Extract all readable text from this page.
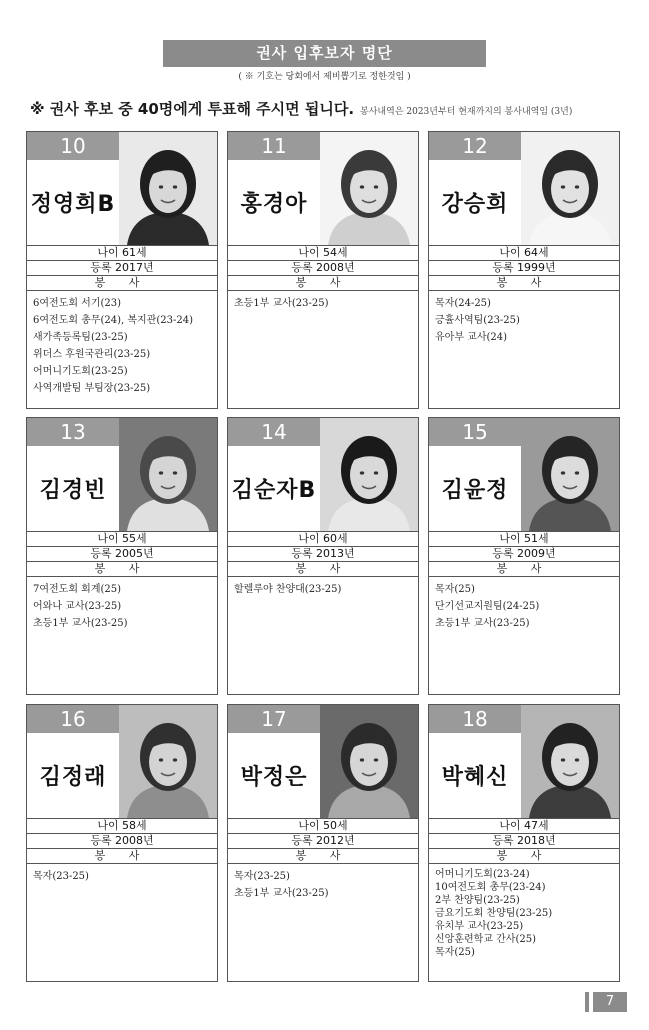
권사 입후보자 명단
( ※ 기호는 당회에서 제비뽑기로 정한것임 )
※ 권사 후보 중 40명에게 투표해 주시면 됩니다. 봉사내역은 2023년부터 현재까지의 봉사내역임 (3년)
10
정영희B
나이 61세
등록 2017년
봉 사
6여전도회 서기(23)
6여전도회 총무(24), 복지관(23-24)
새가족등록팀(23-25)
위더스 후원국관리(23-25)
어머니기도회(23-25)
사역개발팀 부팀장(23-25)
11
홍경아
나이 54세
등록 2008년
봉 사
초등1부 교사(23-25)
12
강승희
나이 64세
등록 1999년
봉 사
목자(24-25)
긍휼사역팀(23-25)
유아부 교사(24)
13
김경빈
나이 55세
등록 2005년
봉 사
7여전도회 회계(25)
어와나 교사(23-25)
초등1부 교사(23-25)
14
김순자B
나이 60세
등록 2013년
봉 사
할렐루야 찬양대(23-25)
15
김윤정
나이 51세
등록 2009년
봉 사
목자(25)
단기선교지원팀(24-25)
초등1부 교사(23-25)
16
김정래
나이 58세
등록 2008년
봉 사
목자(23-25)
17
박정은
나이 50세
등록 2012년
봉 사
목자(23-25)
초등1부 교사(23-25)
18
박혜신
나이 47세
등록 2018년
봉 사
어머니기도회(23-24)
10여전도회 총무(23-24)
2부 찬양팀(23-25)
금요기도회 찬양팀(23-25)
유치부 교사(23-25)
신앙훈련학교 간사(25)
목자(25)
7
